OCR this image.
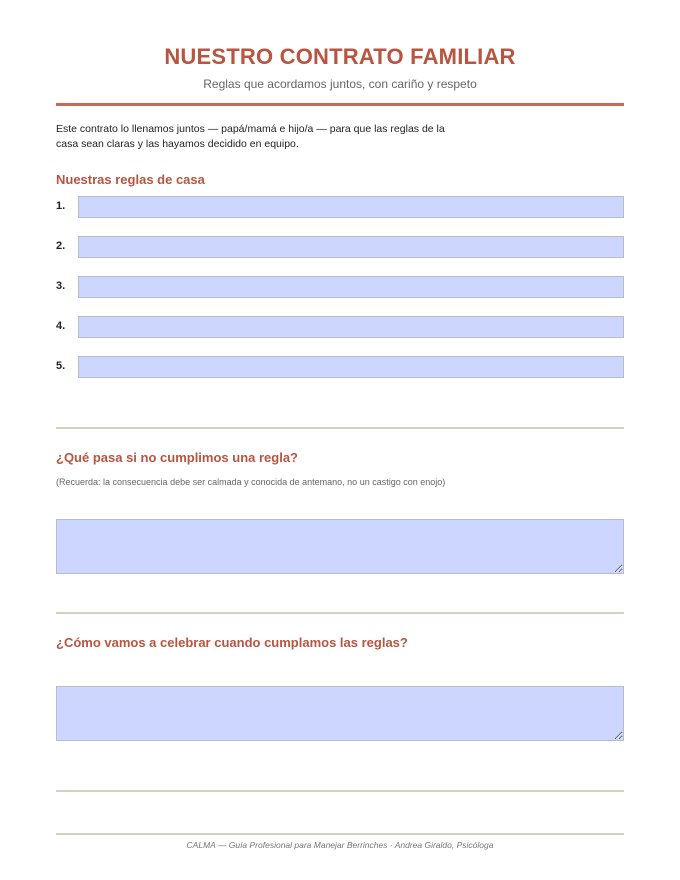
NUESTRO CONTRATO FAMILIAR
Reglas que acordamos juntos, con cariño y respeto
Este contrato lo llenamos juntos — papá/mamá e hijo/a — para que las reglas de la
casa sean claras y las hayamos decidido en equipo.
Nuestras reglas de casa
1.
2.
3.
4.
5.
¿Qué pasa si no cumplimos una regla?
(Recuerda: la consecuencia debe ser calmada y conocida de antemano, no un castigo con enojo)
¿Cómo vamos a celebrar cuando cumplamos las reglas?
CALMA — Guía Profesional para Manejar Berrinches · Andrea Giraldo, Psicóloga
